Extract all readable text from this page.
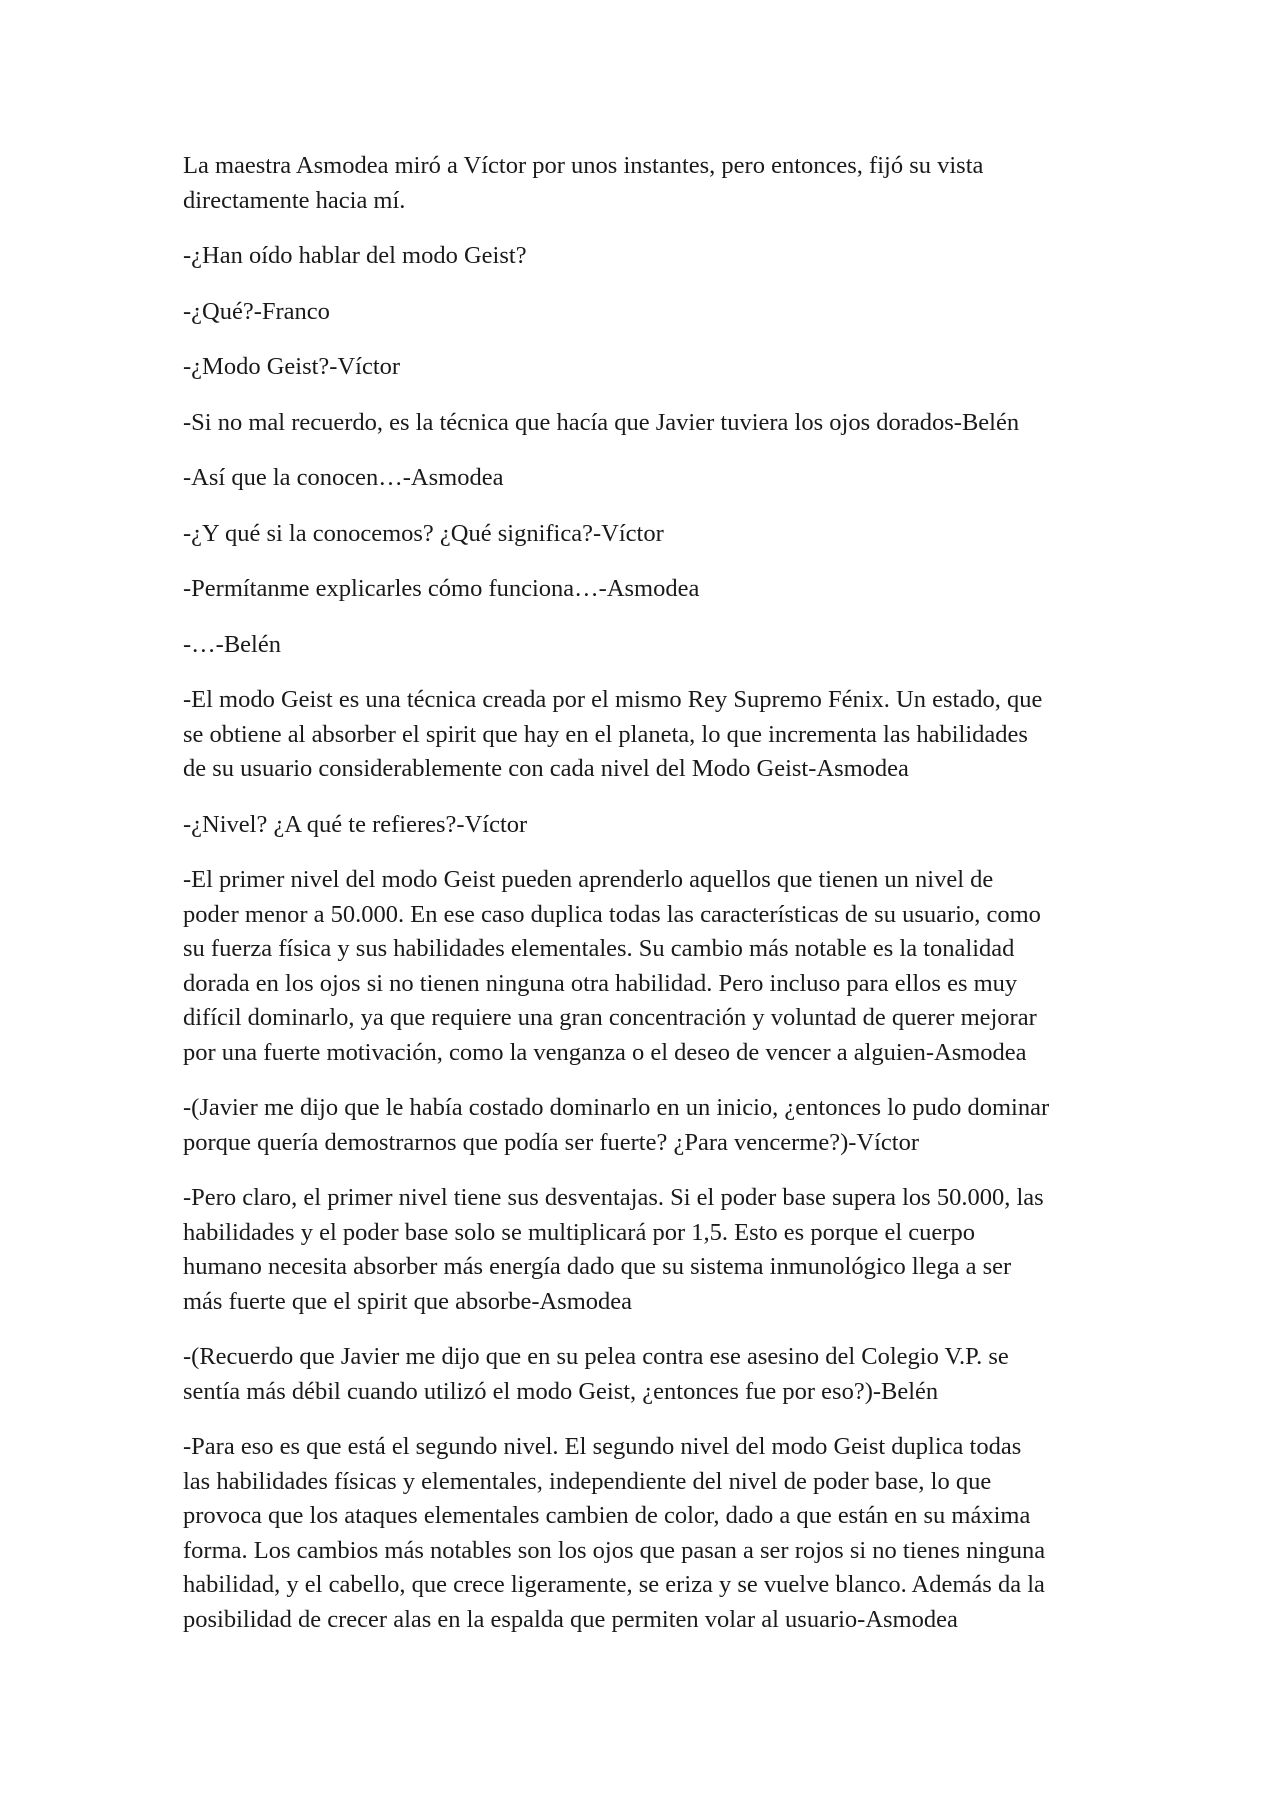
La maestra Asmodea miró a Víctor por unos instantes, pero entonces, fijó su vista
directamente hacia mí.

-¿Han oído hablar del modo Geist?

-¿Qué?-Franco

-¿Modo Geist?-Víctor

-Si no mal recuerdo, es la técnica que hacía que Javier tuviera los ojos dorados-Belén

-Así que la conocen…-Asmodea

-¿Y qué si la conocemos? ¿Qué significa?-Víctor

-Permítanme explicarles cómo funciona…-Asmodea

-…-Belén

-El modo Geist es una técnica creada por el mismo Rey Supremo Fénix. Un estado, que
se obtiene al absorber el spirit que hay en el planeta, lo que incrementa las habilidades
de su usuario considerablemente con cada nivel del Modo Geist-Asmodea

-¿Nivel? ¿A qué te refieres?-Víctor

-El primer nivel del modo Geist pueden aprenderlo aquellos que tienen un nivel de
poder menor a 50.000. En ese caso duplica todas las características de su usuario, como
su fuerza física y sus habilidades elementales. Su cambio más notable es la tonalidad
dorada en los ojos si no tienen ninguna otra habilidad. Pero incluso para ellos es muy
difícil dominarlo, ya que requiere una gran concentración y voluntad de querer mejorar
por una fuerte motivación, como la venganza o el deseo de vencer a alguien-Asmodea

-(Javier me dijo que le había costado dominarlo en un inicio, ¿entonces lo pudo dominar
porque quería demostrarnos que podía ser fuerte? ¿Para vencerme?)-Víctor

-Pero claro, el primer nivel tiene sus desventajas. Si el poder base supera los 50.000, las
habilidades y el poder base solo se multiplicará por 1,5. Esto es porque el cuerpo
humano necesita absorber más energía dado que su sistema inmunológico llega a ser
más fuerte que el spirit que absorbe-Asmodea

-(Recuerdo que Javier me dijo que en su pelea contra ese asesino del Colegio V.P. se
sentía más débil cuando utilizó el modo Geist, ¿entonces fue por eso?)-Belén

-Para eso es que está el segundo nivel. El segundo nivel del modo Geist duplica todas
las habilidades físicas y elementales, independiente del nivel de poder base, lo que
provoca que los ataques elementales cambien de color, dado a que están en su máxima
forma. Los cambios más notables son los ojos que pasan a ser rojos si no tienes ninguna
habilidad, y el cabello, que crece ligeramente, se eriza y se vuelve blanco. Además da la
posibilidad de crecer alas en la espalda que permiten volar al usuario-Asmodea
